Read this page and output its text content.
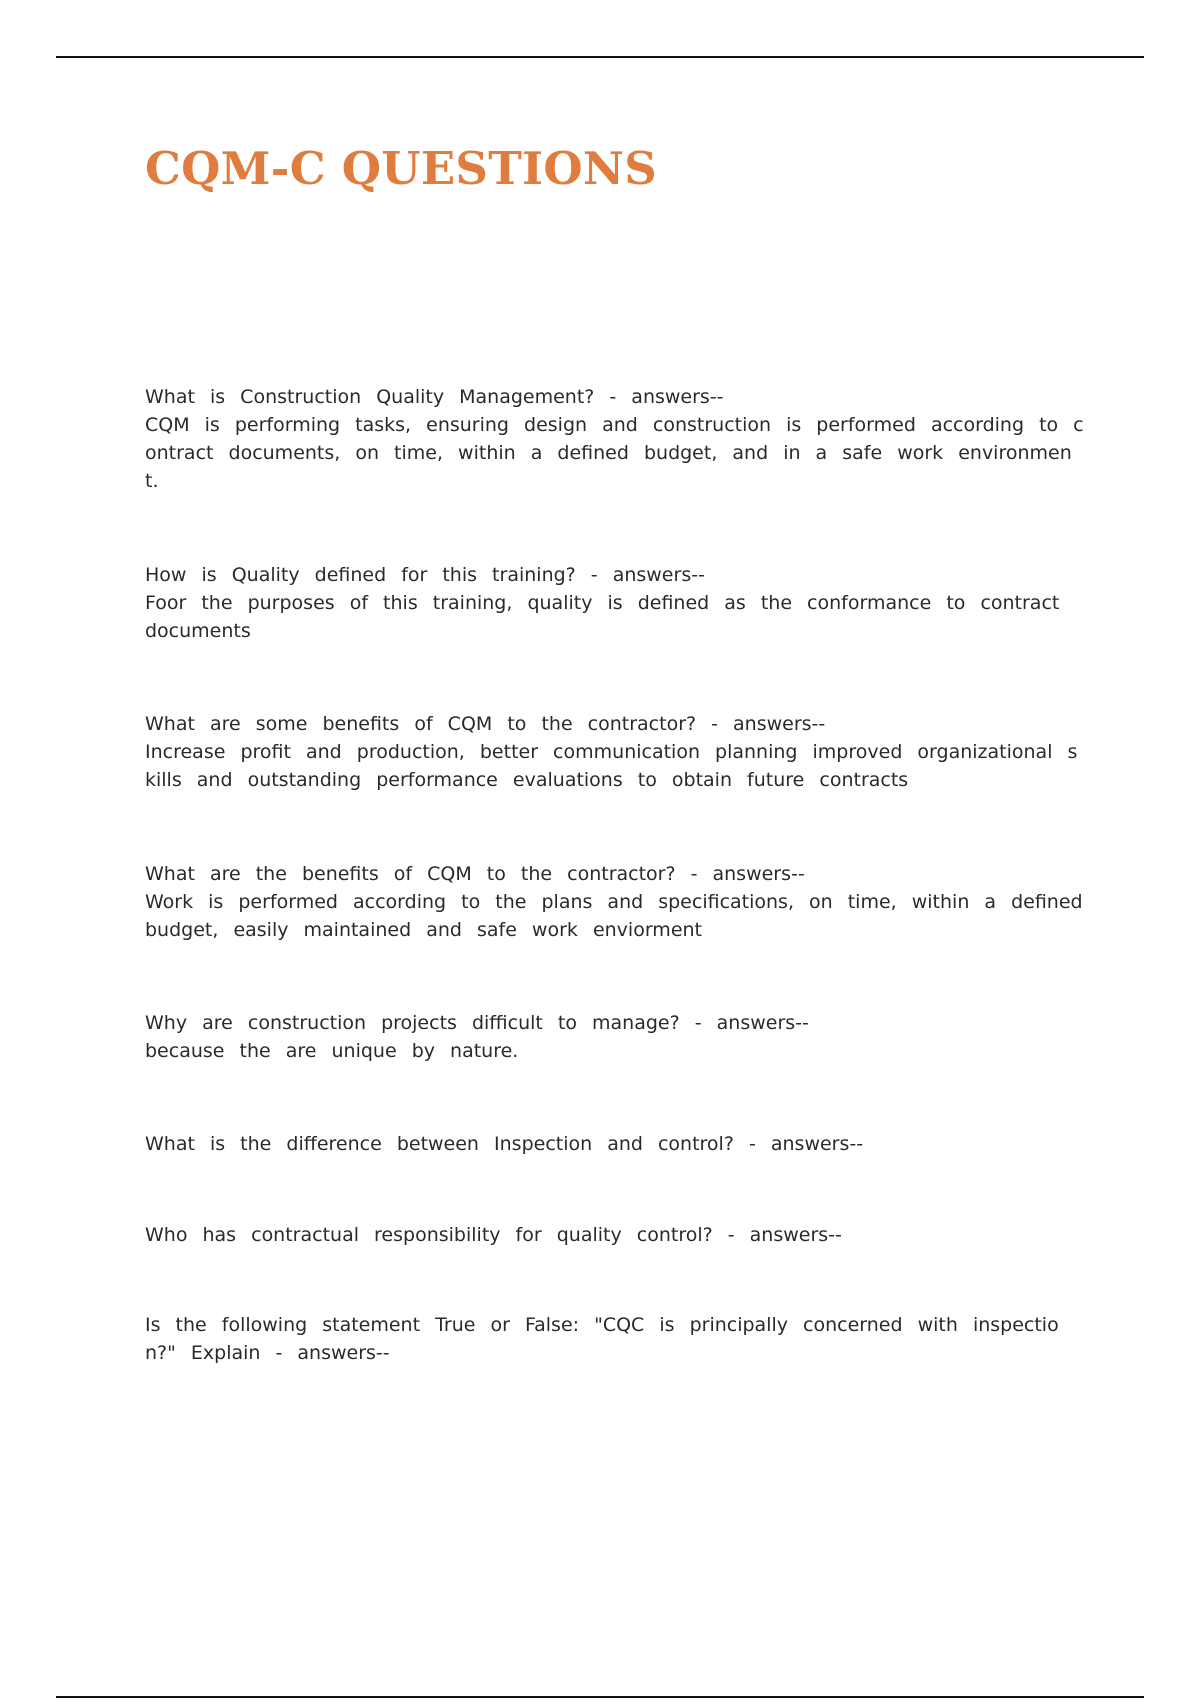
CQM-C QUESTIONS

What is Construction Quality Management? - answers--

CQM is performing tasks, ensuring design and construction is performed according to contract documents, on time, within a defined budget, and in a safe work environment.

How is Quality defined for this training? - answers--

Foor the purposes of this training, quality is defined as the conformance to contract documents

What are some benefits of CQM to the contractor? - answers--

Increase profit and production, better communication planning improved organizational skills and outstanding performance evaluations to obtain future contracts

What are the benefits of CQM to the contractor? - answers--

Work is performed according to the plans and specifications, on time, within a defined budget, easily maintained and safe work enviorment

Why are construction projects difficult to manage? - answers--

because the are unique by nature.

What is the difference between Inspection and control? - answers--

Who has contractual responsibility for quality control? - answers--

Is the following statement True or False: "CQC is principally concerned with inspection?" Explain - answers--
